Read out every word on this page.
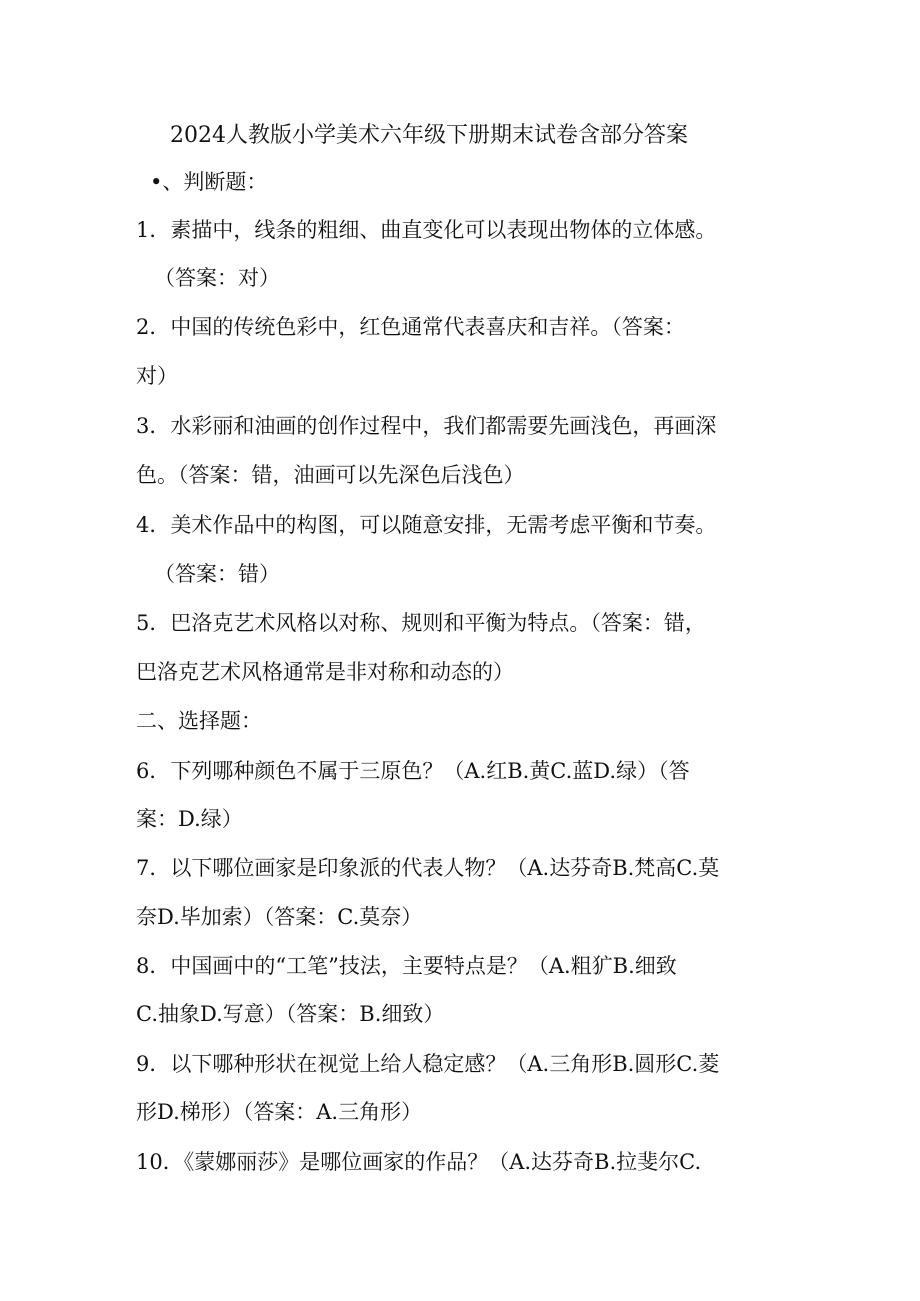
2024人教版小学美术六年级下册期末试卷含部分答案
•、判断题：
1．素描中，线条的粗细、曲直变化可以表现出物体的立体感。
（答案：对）
2．中国的传统色彩中，红色通常代表喜庆和吉祥。（答案：
对）
3．水彩丽和油画的创作过程中，我们都需要先画浅色，再画深
色。（答案：错，油画可以先深色后浅色）
4．美术作品中的构图，可以随意安排，无需考虑平衡和节奏。
（答案：错）
5．巴洛克艺术风格以对称、规则和平衡为特点。（答案：错，
巴洛克艺术风格通常是非对称和动态的）
二、选择题：
6．下列哪种颜色不属于三原色？（A.红B.黄C.蓝D.绿）（答
案：D.绿）
7．以下哪位画家是印象派的代表人物？（A.达芬奇B.梵高C.莫
奈D.毕加索）（答案：C.莫奈）
8．中国画中的“工笔”技法，主要特点是？（A.粗犷B.细致
C.抽象D.写意）（答案：B.细致）
9．以下哪种形状在视觉上给人稳定感？（A.三角形B.圆形C.菱
形D.梯形）（答案：A.三角形）
10．《蒙娜丽莎》是哪位画家的作品？（A.达芬奇B.拉斐尔C.
